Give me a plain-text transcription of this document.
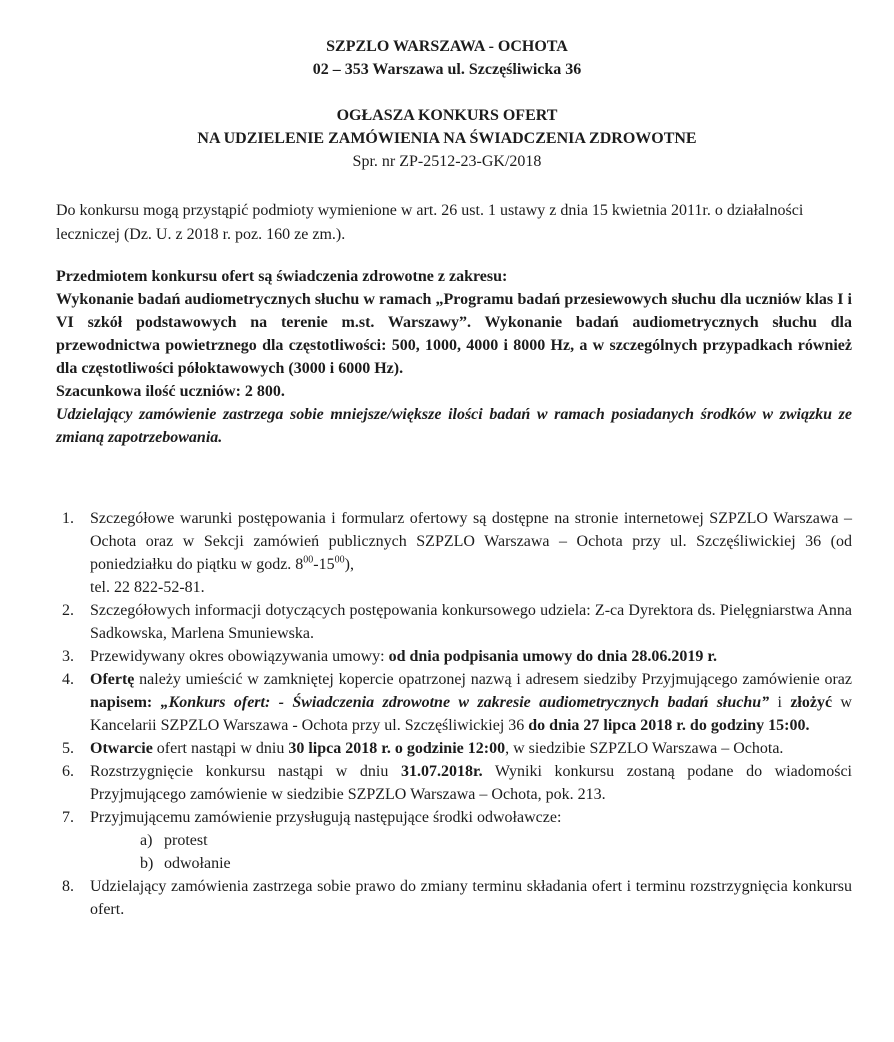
SZPZLO WARSZAWA - OCHOTA
02 – 353 Warszawa ul. Szczęśliwicka 36
OGŁASZA KONKURS OFERT
NA UDZIELENIE ZAMÓWIENIA NA ŚWIADCZENIA ZDROWOTNE
Spr. nr ZP-2512-23-GK/2018
Do konkursu mogą przystąpić podmioty wymienione w art. 26 ust. 1 ustawy z dnia 15 kwietnia 2011r. o działalności leczniczej (Dz. U. z 2018 r. poz. 160 ze zm.).

Przedmiotem konkursu ofert są świadczenia zdrowotne z zakresu:

Wykonanie badań audiometrycznych słuchu w ramach „Programu badań przesiewowych słuchu dla uczniów klas I i VI szkół podstawowych na terenie m.st. Warszawy”. Wykonanie badań audiometrycznych słuchu dla przewodnictwa powietrznego dla częstotliwości: 500, 1000, 4000 i 8000 Hz, a w szczególnych przypadkach również dla częstotliwości półoktawowych (3000 i 6000 Hz).

Szacunkowa ilość uczniów: 2 800.

Udzielający zamówienie zastrzega sobie mniejsze/większe ilości badań w ramach posiadanych środków w związku ze zmianą zapotrzebowania.

1. Szczegółowe warunki postępowania i formularz ofertowy są dostępne na stronie internetowej SZPZLO Warszawa – Ochota oraz w Sekcji zamówień publicznych SZPZLO Warszawa – Ochota przy ul. Szczęśliwickiej 36 (od poniedziałku do piątku w godz. $8^{00}-15^{00}$),
tel. 22 822-52-81.
2. Szczegółowych informacji dotyczących postępowania konkursowego udziela: Z-ca Dyrektora ds. Pielęgniarstwa Anna Sadkowska, Marlena Smuniewska.
3. Przewidywany okres obowiązywania umowy: od dnia podpisania umowy do dnia 28.06.2019 r.
4. Ofertę należy umieścić w zamkniętej kopercie opatrzonej nazwą i adresem siedziby Przyjmującego zamówienie oraz napisem: „Konkurs ofert: - Świadczenia zdrowotne w zakresie audiometrycznych badań słuchu” i złożyć w Kancelarii SZPZLO Warszawa - Ochota przy ul. Szczęśliwickiej 36 do dnia 27 lipca 2018 r. do godziny 15:00.
5. Otwarcie ofert nastąpi w dniu 30 lipca 2018 r. o godzinie 12:00, w siedzibie SZPZLO Warszawa – Ochota.
6. Rozstrzygnięcie konkursu nastąpi w dniu 31.07.2018r. Wyniki konkursu zostaną podane do wiadomości Przyjmującego zamówienie w siedzibie SZPZLO Warszawa – Ochota, pok. 213.
7. Przyjmującemu zamówienie przysługują następujące środki odwoławcze:
a) protest
b) odwołanie
8. Udzielający zamówienia zastrzega sobie prawo do zmiany terminu składania ofert i terminu rozstrzygnięcia konkursu ofert.
